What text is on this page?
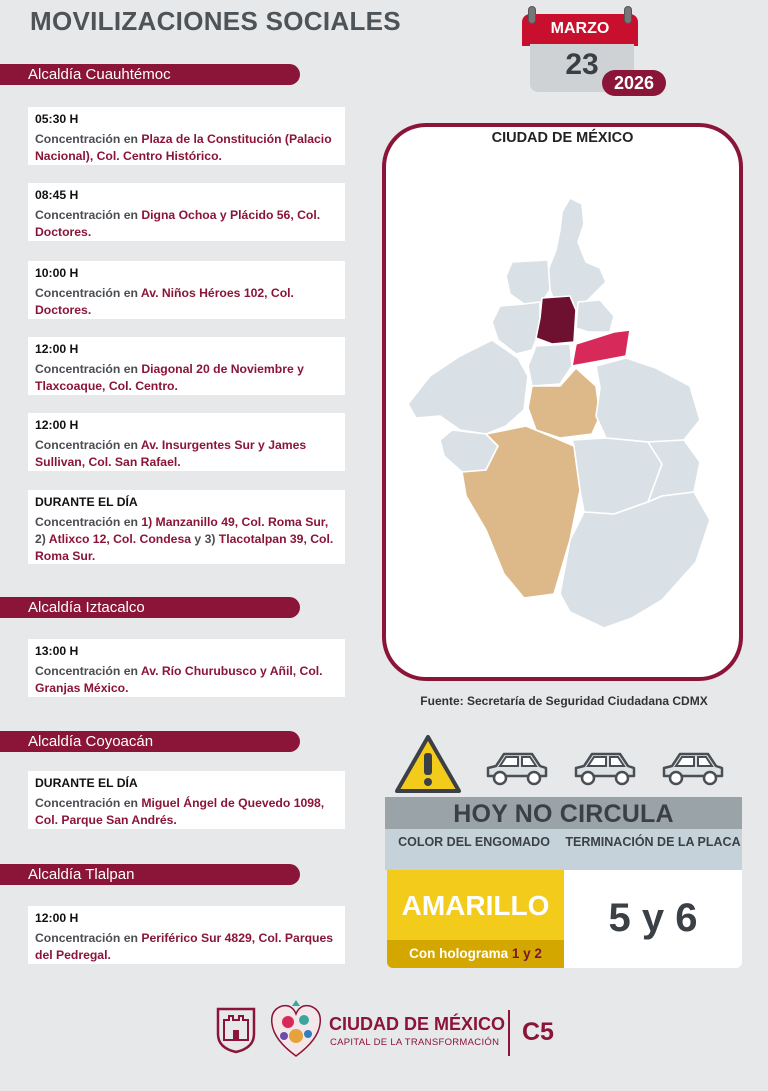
MOVILIZACIONES SOCIALES	MARZO
23
2026
Alcaldía Cuauhtémoc
05:30 H
Concentración en Plaza de la Constitución (Palacio Nacional), Col. Centro Histórico.
08:45 H
Concentración en Digna Ochoa y Plácido 56, Col. Doctores.
10:00 H
Concentración en Av. Niños Héroes 102, Col. Doctores.
12:00 H
Concentración en Diagonal 20 de Noviembre y Tlaxcoaque, Col. Centro.
12:00 H
Concentración en Av. Insurgentes Sur y James Sullivan, Col. San Rafael.
DURANTE EL DÍA
Concentración en 1) Manzanillo 49, Col. Roma Sur, 2) Atlixco 12, Col. Condesa y 3) Tlacotalpan 39, Col. Roma Sur.
Alcaldía Iztacalco
13:00 H
Concentración en Av. Río Churubusco y Añil, Col. Granjas México.
Alcaldía Coyoacán
DURANTE EL DÍA
Concentración en Miguel Ángel de Quevedo 1098, Col. Parque San Andrés.
Alcaldía Tlalpan
12:00 H
Concentración en Periférico Sur 4829, Col. Parques del Pedregal.
CIUDAD DE MÉXICO
Fuente: Secretaría de Seguridad Ciudadana CDMX
HOY NO CIRCULA
COLOR DEL ENGOMADO	TERMINACIÓN DE LA PLACA
AMARILLO
Con holograma 1 y 2
5 y 6
CIUDAD DE MÉXICO
CAPITAL DE LA TRANSFORMACIÓN C5
